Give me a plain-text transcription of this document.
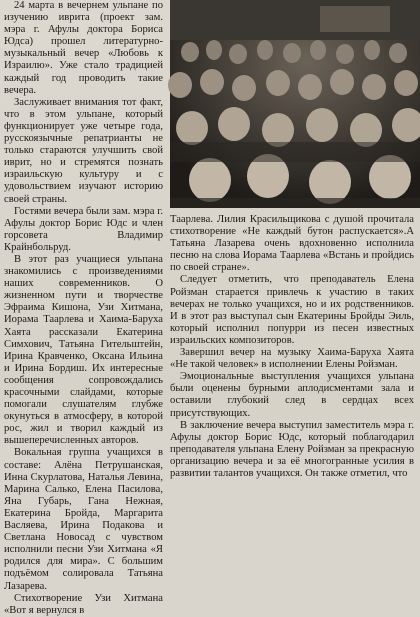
24 марта в вечернем ульпане по изучению иврита (проект зам. мэра г. Афулы доктора Бориса Юдса) прошел литературно-музыкальный вечер «Любовь к Израилю». Уже стало традицией каждый год проводить такие вечера.

Заслуживает внимания тот факт, что в этом ульпане, который функционирует уже четыре года, русскоязычные репатрианты не только стараются улучшить свой иврит, но и стремятся познать израильскую культуру и с удовольствием изучают историю своей страны.

Гостями вечера были зам. мэра г. Афулы доктор Борис Юдс и член горсовета Владимир Крайнбольруд.

В этот раз учащиеся ульпана знакомились с произведениями наших современников. О жизненном пути и творчестве Эфраима Кишона, Узи Хитмана, Иорама Таарлева и Хаима-Баруха Хаята рассказали Екатерина Симхович, Татьяна Гительштейн, Ирина Кравченко, Оксана Ильина и Ирина Бордиш. Их интересные сообщения сопровождались красочными слайдами, которые помогали слушателям глубже окунуться в атмосферу, в которой рос, жил и творил каждый из вышеперечисленных авторов.

Вокальная группа учащихся в составе: Алёна Петрушанская, Инна Скурлатова, Наталья Левина, Марина Салько, Елена Пасилова, Яна Губарь, Гана Нежная, Екатерина Бройда, Маргарита Васляева, Ирина Подакова и Светлана Новосад с чувством исполнили песни Узи Хитмана «Я родился для мира». С большим подъёмом солировала Татьяна Лазарева.

Стихотворение Узи Хитмана «Вот я вернулся в

Таарлева. Лилия Красильщикова с душой прочитала стихотворение «Не каждый бутон распускается».А Татьяна Лазарева очень вдохновенно исполнила песню на слова Иорама Таарлева «Встань и пройдись по своей стране».

Следует отметить, что преподаватель Елена Ройзман старается привлечь к участию в таких вечерах не только учащихся, но и их родственников. И в этот раз выступал сын Екатерины Бройды Эиль, который исполнил попурри из песен известных израильских композиторов.

Завершил вечер на музыку Хаима-Баруха Хаята «Не такой человек» в исполнении Елены Ройзман.

Эмоциональные выступления учащихся ульпана были оценены бурными аплодисментами зала и оставили глубокий след в сердцах всех присутствующих.

В заключение вечера выступил заместитель мэра г. Афулы доктор Борис Юдс, который поблагодарил преподавателя ульпана Елену Ройзман за прекрасную организацию вечера и за её многогранные усилия в развитии талантов учащихся. Он также отметил, что
